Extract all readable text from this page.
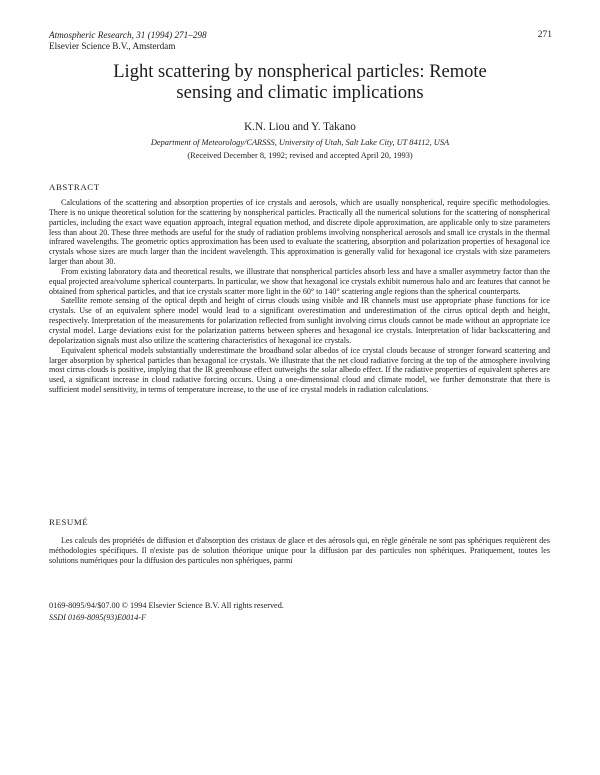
Atmospheric Research, 31 (1994) 271–298
Elsevier Science B.V., Amsterdam
271
Light scattering by nonspherical particles: Remote
sensing and climatic implications
K.N. Liou and Y. Takano
Department of Meteorology/CARSSS, University of Utah, Salt Lake City, UT 84112, USA
(Received December 8, 1992; revised and accepted April 20, 1993)
ABSTRACT

Calculations of the scattering and absorption properties of ice crystals and aerosols, which are usually nonspherical, require specific methodologies. There is no unique theoretical solution for the scattering by nonspherical particles. Practically all the numerical solutions for the scattering of nonspherical particles, including the exact wave equation approach, integral equation method, and discrete dipole approximation, are applicable only to size parameters less than about 20. These three methods are useful for the study of radiation problems involving nonspherical aerosols and small ice crystals in the thermal infrared wavelengths. The geometric optics approximation has been used to evaluate the scattering, absorption and polarization properties of hexagonal ice crystals whose sizes are much larger than the incident wavelength. This approximation is generally valid for hexagonal ice crystals with size parameters larger than about 30.

From existing laboratory data and theoretical results, we illustrate that nonspherical particles absorb less and have a smaller asymmetry factor than the equal projected area/volume spherical counterparts. In particular, we show that hexagonal ice crystals exhibit numerous halo and arc features that cannot be obtained from spherical particles, and that ice crystals scatter more light in the 60° to 140° scattering angle regions than the spherical counterparts.

Satellite remote sensing of the optical depth and height of cirrus clouds using visible and IR channels must use appropriate phase functions for ice crystals. Use of an equivalent sphere model would lead to a significant overestimation and underestimation of the cirrus optical depth and height, respectively. Interpretation of the measurements for polarization reflected from sunlight involving cirrus clouds cannot be made without an appropriate ice crystal model. Large deviations exist for the polarization patterns between spheres and hexagonal ice crystals. Interpretation of lidar backscattering and depolarization signals must also utilize the scattering characteristics of hexagonal ice crystals.

Equivalent spherical models substantially underestimate the broadband solar albedos of ice crystal clouds because of stronger forward scattering and larger absorption by spherical particles than hexagonal ice crystals. We illustrate that the net cloud radiative forcing at the top of the atmosphere involving most cirrus clouds is positive, implying that the IR greenhouse effect outweighs the solar albedo effect. If the radiative properties of equivalent spheres are used, a significant increase in cloud radiative forcing occurs. Using a one-dimensional cloud and climate model, we further demonstrate that there is sufficient model sensitivity, in terms of temperature increase, to the use of ice crystal models in radiation calculations.

RESUMÉ

Les calculs des propriétés de diffusion et d'absorption des cristaux de glace et des aérosols qui, en règle générale ne sont pas sphériques requièrent des méthodologies spécifiques. Il n'existe pas de solution théorique unique pour la diffusion par des particules non sphériques. Pratiquement, toutes les solutions numériques pour la diffusion des particules non sphériques, parmi

0169-8095/94/$07.00 © 1994 Elsevier Science B.V. All rights reserved.
SSDI 0169-8095(93)E0014-F
